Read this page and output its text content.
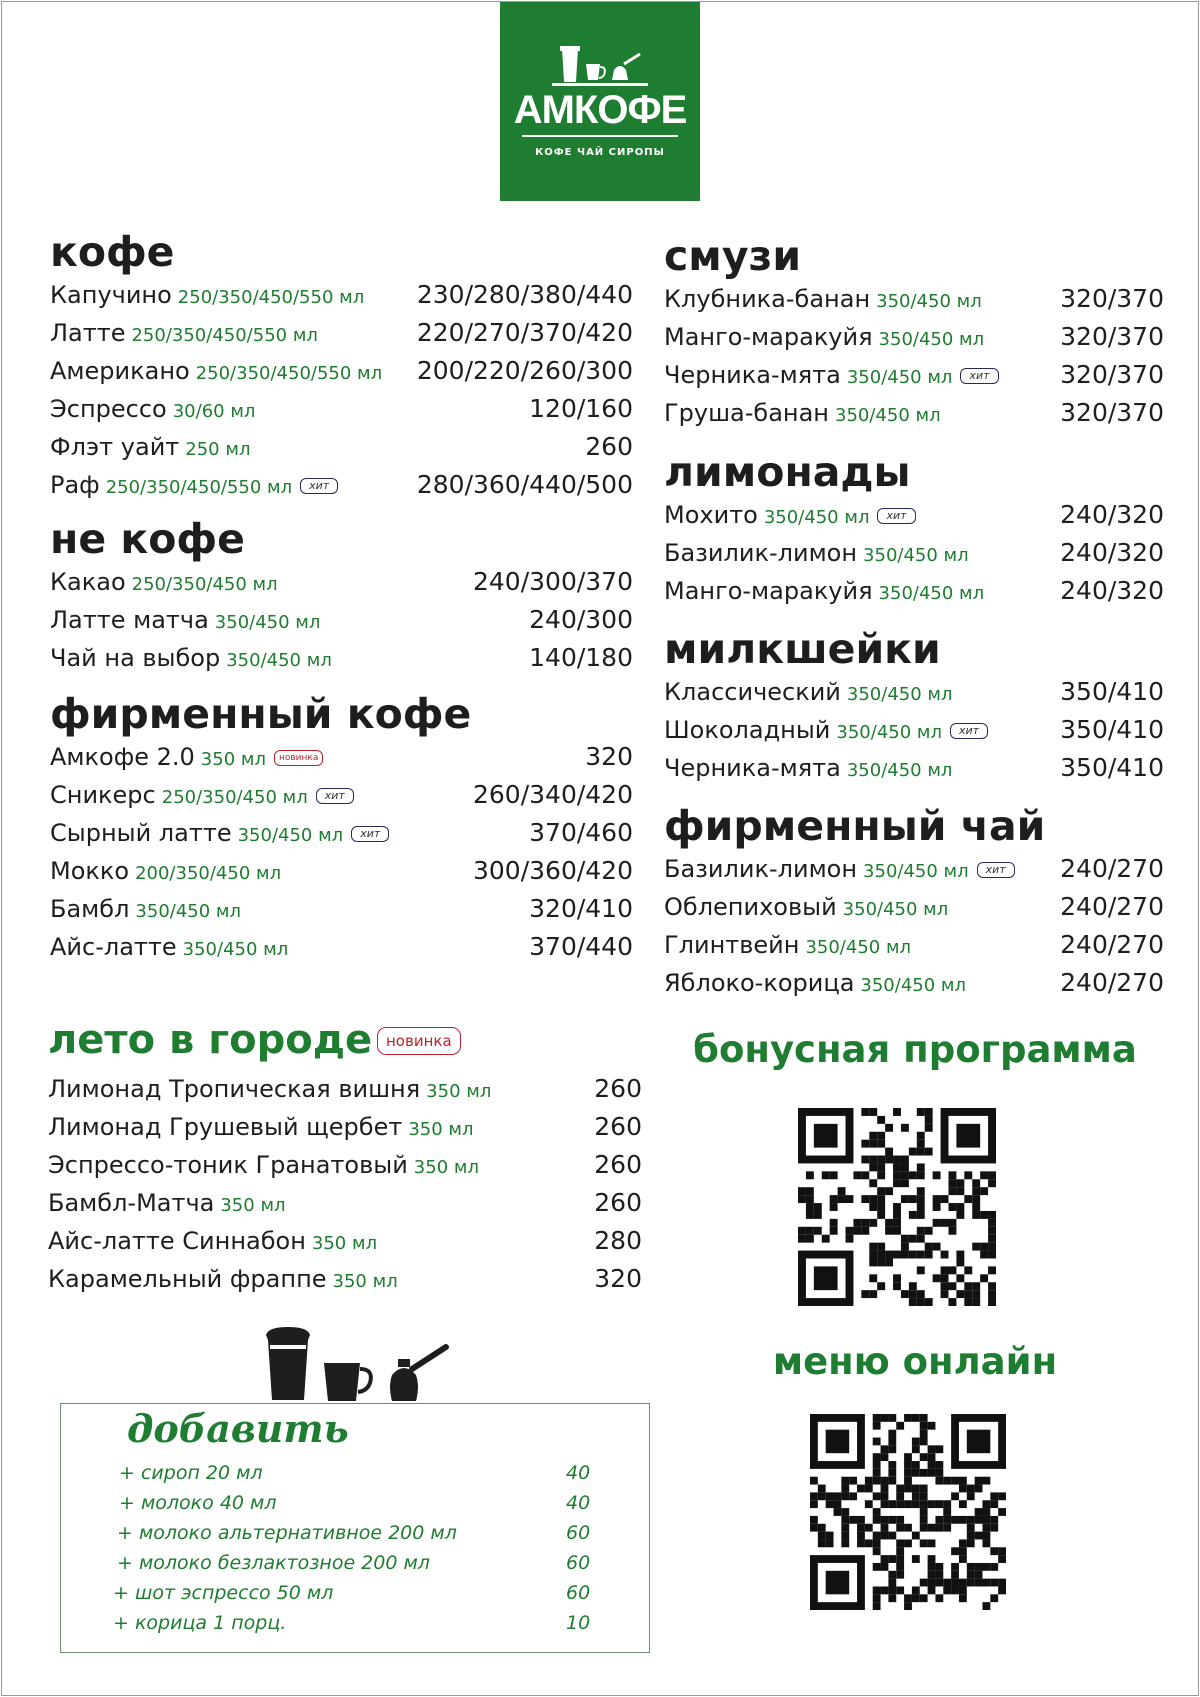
АМКОФЕ
КОФЕ ЧАЙ СИРОПЫ
кофе
Капучино 250/350/450/550 мл 230/280/380/440
Латте 250/350/450/550 мл	220/270/370/420
Американо 250/350/450/550 мл 200/220/260/300
Эспрессо 30/60 мл	120/160
Флэт уайт 250 мл	260
Раф 250/350/450/550 мл хит	280/360/440/500
не кофе
Какао 250/350/450 мл	240/300/370
Латте матча 350/450 мл	240/300
Чай на выбор 350/450 мл	140/180
фирменный кофе
Амкофе 2.0 350 мл новинка	320
Сникерс 250/350/450 мл хит	260/340/420
Сырный латте 350/450 мл хит	370/460
Мокко 200/350/450 мл	300/360/420
Бамбл 350/450 мл	320/410
Айс-латте 350/450 мл	370/440
лето в городе
Лимонад Тропическая вишня 350 мл	260
Лимонад Грушевый щербет 350 мл	260
Эспрессо-тоник Гранатовый 350 мл	260
Бамбл-Матча 350 мл	260
Айс-латте Синнабон 350 мл	280
Карамельный фраппе 350 мл	320
новинка
смузи
Клубника-банан 350/450 мл	320/370
Манго-маракуйя 350/450 мл	320/370
Черника-мята 350/450 мл хит	320/370
Груша-банан 350/450 мл	320/370
лимонады
Мохито 350/450 мл хит	240/320
Базилик-лимон 350/450 мл	240/320
Манго-маракуйя 350/450 мл	240/320
милкшейки
Классический 350/450 мл	350/410
Шоколадный 350/450 мл хит	350/410
Черника-мята 350/450 мл	350/410
фирменный чай
Базилик-лимон 350/450 мл хит 240/270
Облепиховый 350/450 мл	240/270
Глинтвейн 350/450 мл	240/270
Яблоко-корица 350/450 мл	240/270
бонусная программа
меню онлайн
добавить
+ сироп 20 мл	40
+ молоко 40 мл	40
+ молоко альтернативное 200 мл	60
+ молоко безлактозное 200 мл	60
+ шот эспрессо 50 мл	60
+ корица 1 порц.	10
